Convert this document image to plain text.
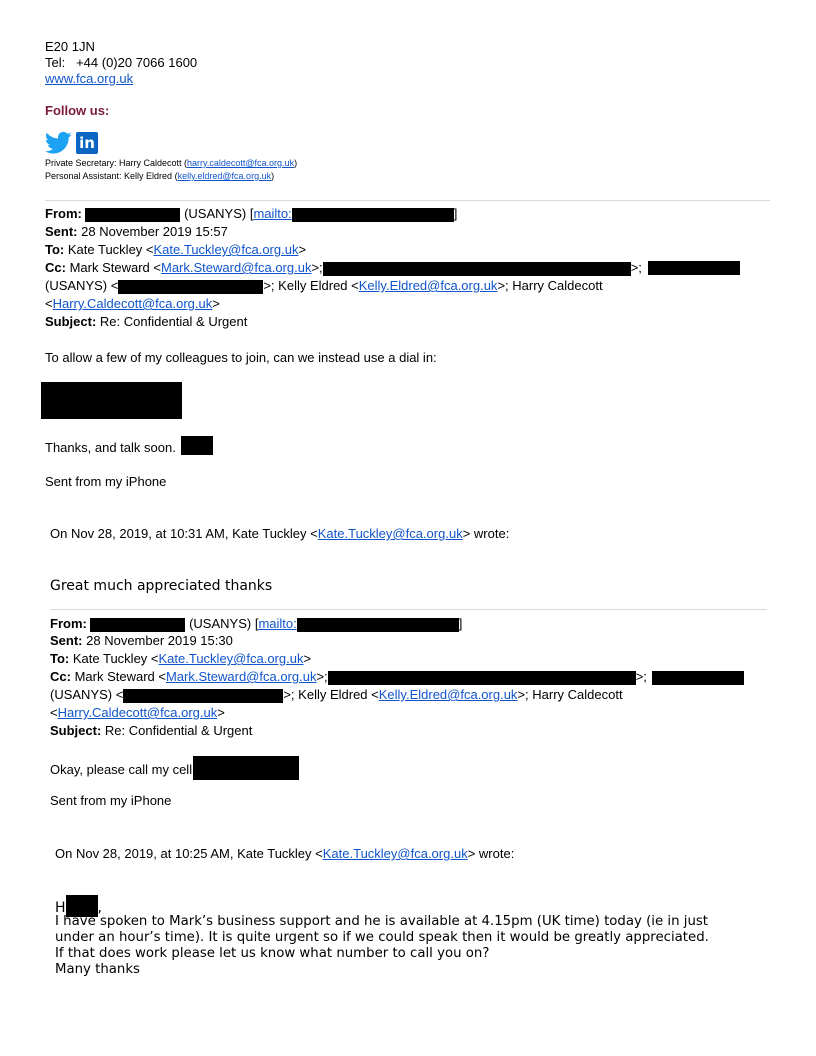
E20 1JN
Tel: +44 (0)20 7066 1600
www.fca.org.uk
Follow us:
in
Private Secretary: Harry Caldecott (harry.caldecott@fca.org.uk)
Personal Assistant: Kelly Eldred (kelly.eldred@fca.org.uk)
From:	(USANYS) [mailto:	]
Sent: 28 November 2019 15:57
To: Kate Tuckley <Kate.Tuckley@fca.org.uk>
Cc: Mark Steward <Mark.Steward@fca.org.uk>;	>;
(USANYS) <	>; Kelly Eldred <Kelly.Eldred@fca.org.uk>; Harry Caldecott
<Harry.Caldecott@fca.org.uk>
Subject: Re: Confidential & Urgent
To allow a few of my colleagues to join, can we instead use a dial in:
Thanks, and talk soon.
Sent from my iPhone
On Nov 28, 2019, at 10:31 AM, Kate Tuckley <Kate.Tuckley@fca.org.uk> wrote:
Great much appreciated thanks
From:	(USANYS) [mailto:	]
Sent: 28 November 2019 15:30
To: Kate Tuckley <Kate.Tuckley@fca.org.uk>
Cc: Mark Steward <Mark.Steward@fca.org.uk>;	>;
(USANYS) <	>; Kelly Eldred <Kelly.Eldred@fca.org.uk>; Harry Caldecott
<Harry.Caldecott@fca.org.uk>
Subject: Re: Confidential & Urgent
Okay, please call my cell
Sent from my iPhone
On Nov 28, 2019, at 10:25 AM, Kate Tuckley <Kate.Tuckley@fca.org.uk> wrote:
H ,
I have spoken to Mark’s business support and he is available at 4.15pm (UK time) today (ie in just
under an hour’s time). It is quite urgent so if we could speak then it would be greatly appreciated.
If that does work please let us know what number to call you on?
Many thanks
